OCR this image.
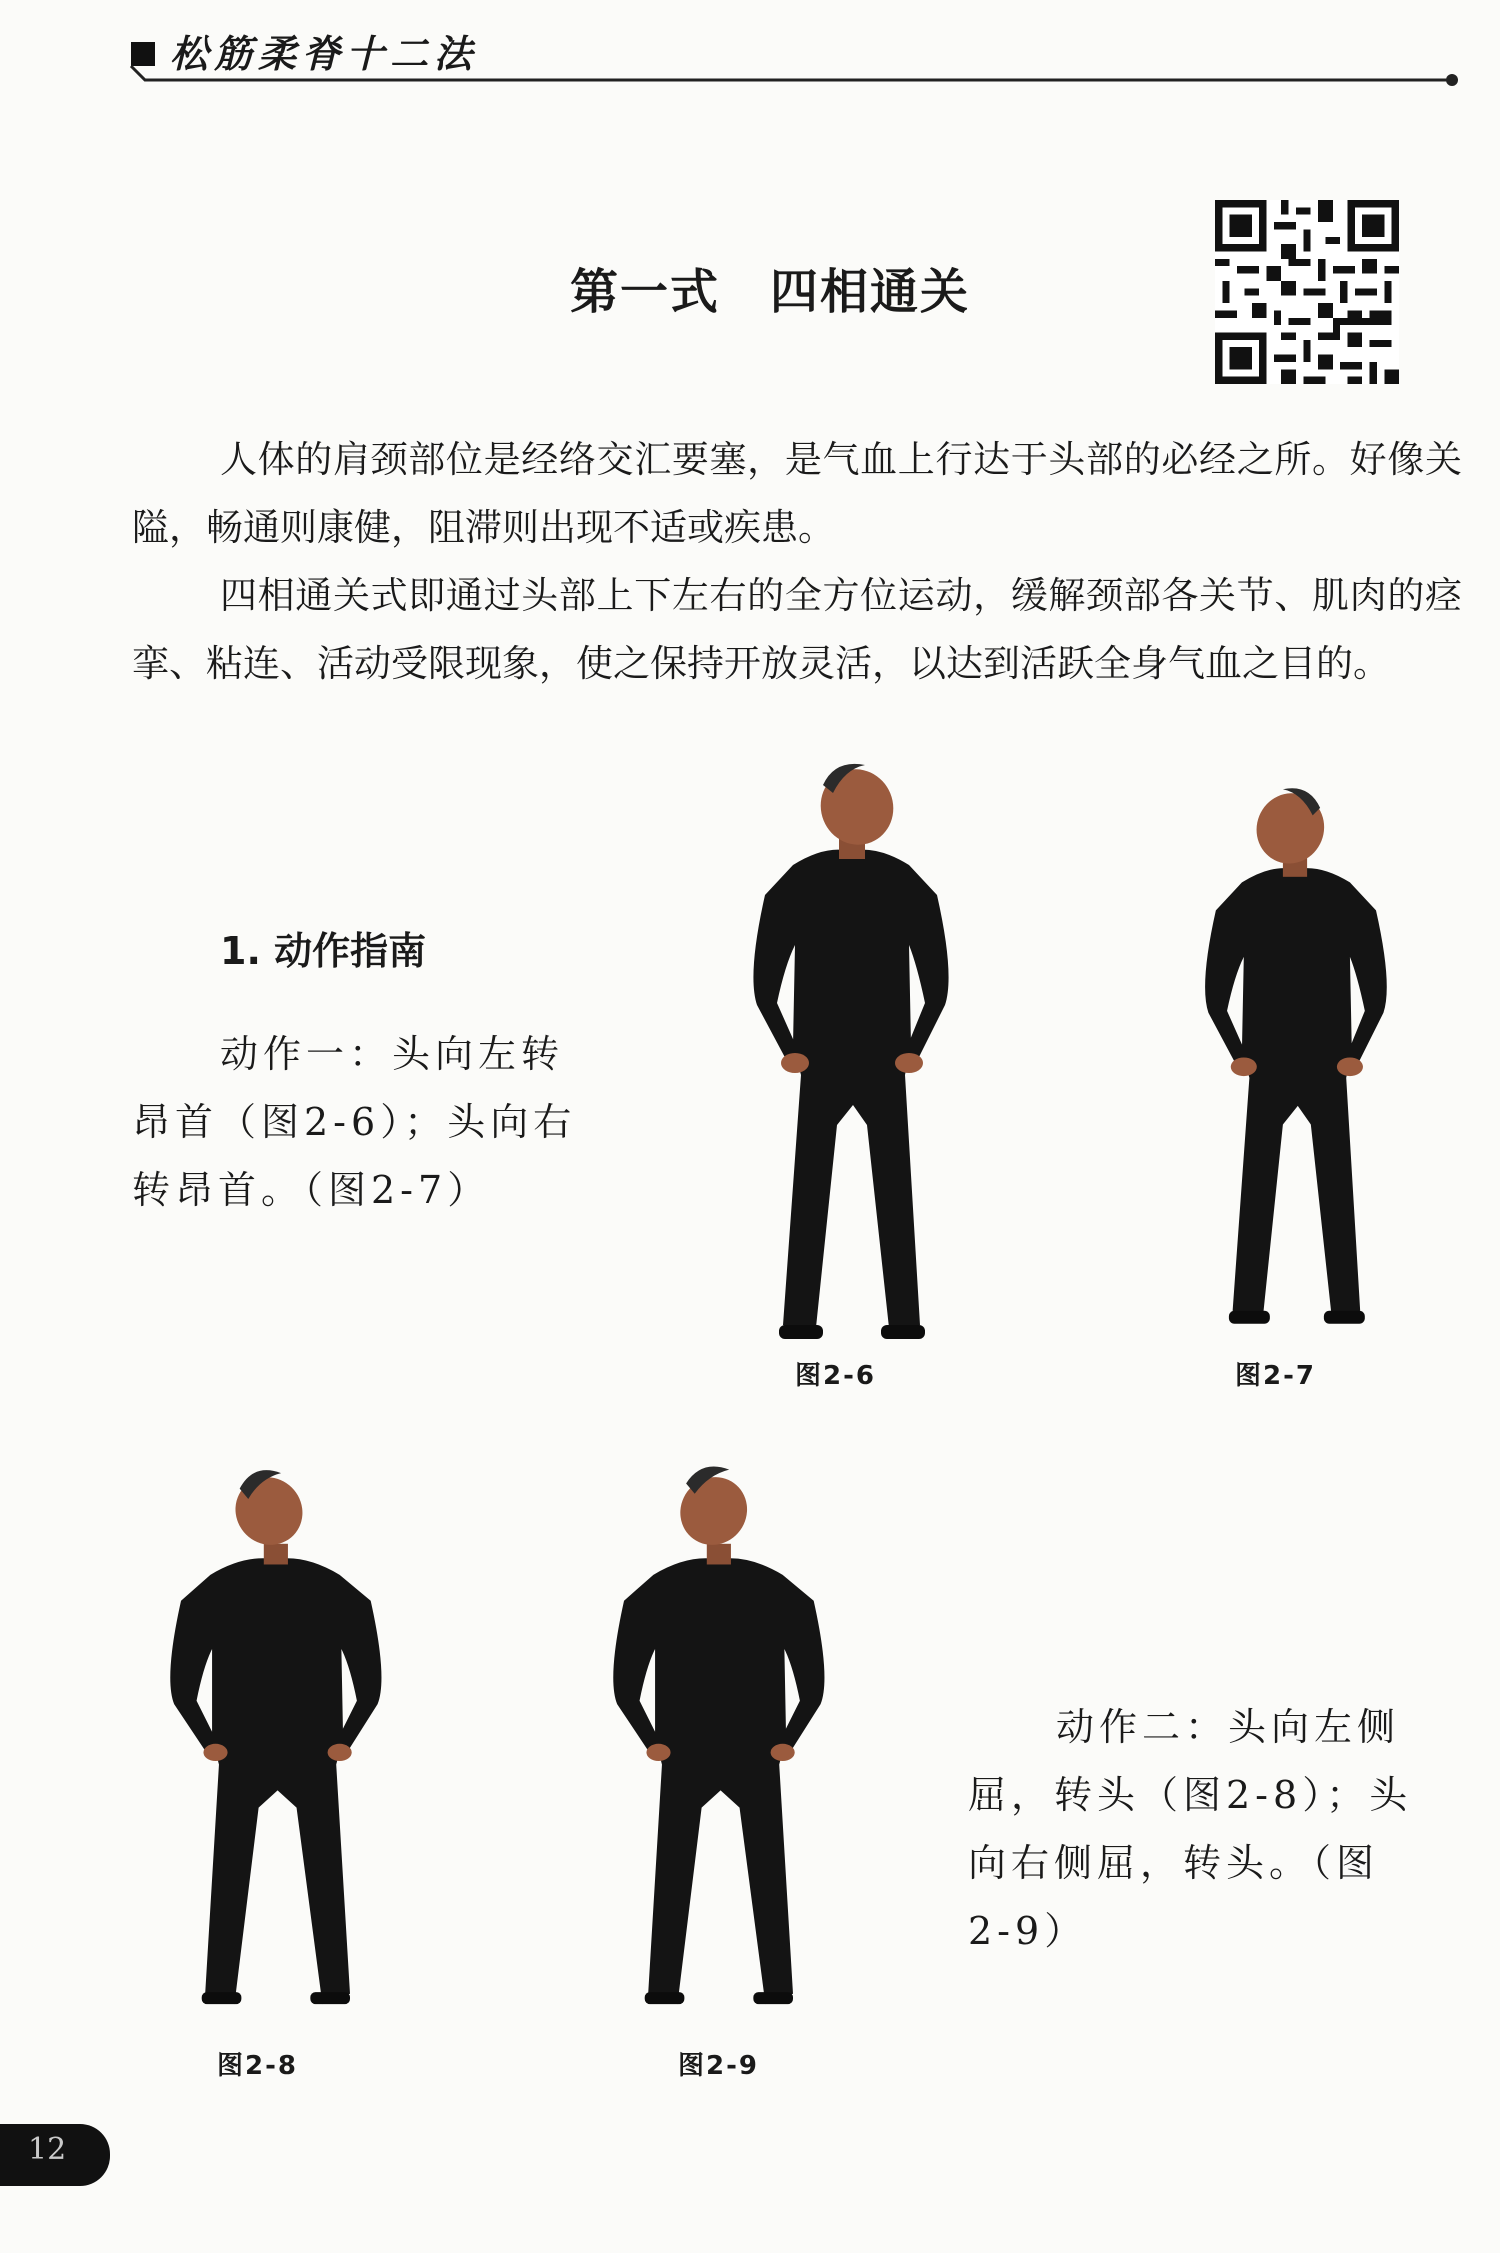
松筋柔脊十二法
第一式　四相通关

人体的肩颈部位是经络交汇要塞，是气血上行达于头部的必经之所。好像关隘，畅通则康健，阻滞则出现不适或疾患。

四相通关式即通过头部上下左右的全方位运动，缓解颈部各关节、肌肉的痉挛、粘连、活动受限现象，使之保持开放灵活，以达到活跃全身气血之目的。

1. 动作指南

动作一：头向左转昂首（图2-6）；头向右转昂首。（图2-7）

动作二：头向左侧屈，转头（图2-8）；头向右侧屈，转头。（图2-9）

图2-6	图2-7
图2-8	图2-9
12
